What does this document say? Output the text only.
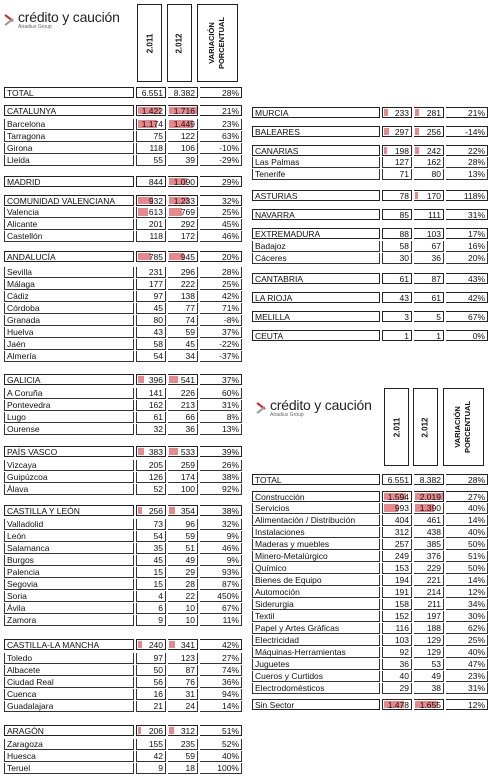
crédito y caución
Atradius Group
2.011	2.012	VARIACIÓN PORCENTUAL
crédito y caución
Atradius Group
2.011	2.012	VARIACIÓN PORCENTUAL
TOTAL	6.551	8.382	28%
CATALUNYA	1.422	1.716	21%
Barcelona	1.174	1.449	23%
Tarragona	75	122	63%
Girona	118	106	-10%
Lleida	55	39	-29%
MADRID	844	1.090	29%
COMUNIDAD VALENCIANA	932	1.233	32%
Valencia	613	769	25%
Alicante	201	292	45%
Castellón	118	172	46%
ANDALUCÍA	785	945	20%
Sevilla	231	296	28%
Málaga	177	222	25%
Cádiz	97	138	42%
Córdoba	45	77	71%
Granada	80	74	-8%
Huelva	43	59	37%
Jaén	58	45	-22%
Almería	54	34	-37%
GALICIA	396	541	37%
A Coruña	141	226	60%
Pontevedra	162	213	31%
Lugo	61	66	8%
Ourense	32	36	13%
PAÍS VASCO	383	533	39%
Vizcaya	205	259	26%
Guipúzcoa	126	174	38%
Álava	52	100	92%
CASTILLA Y LEÓN	256	354	38%
Valladolid	73	96	32%
León	54	59	9%
Salamanca	35	51	46%
Burgos	45	49	9%
Palencia	15	29	93%
Segovia	15	28	87%
Soria	4	22	450%
Ávila	6	10	67%
Zamora	9	10	11%
CASTILLA-LA MANCHA	240	341	42%
Toledo	97	123	27%
Albacete	50	87	74%
Ciudad Real	56	76	36%
Cuenca	16	31	94%
Guadalajara	21	24	14%
ARAGÓN	206	312	51%
Zaragoza	155	235	52%
Huesca	42	59	40%
Teruel	9	18	100%
MURCIA	233	281	21%
BALEARES	297	256	-14%
CANARIAS	198	242	22%
Las Palmas	127	162	28%
Tenerife	71	80	13%
ASTURIAS	78	170	118%
NAVARRA	85	111	31%
EXTREMADURA	88	103	17%
Badajoz	58	67	16%
Cáceres	30	36	20%
CANTABRIA	61	87	43%
LA RIOJA	43	61	42%
MELILLA	3	5	67%
CEUTA	1	1	0%
TOTAL	6.551	8.382	28%
Construcción	1.594	2.019	27%
Servicios	993	1.390	40%
Alimentación / Distribución	404	461	14%
Instalaciones	312	438	40%
Maderas y muebles	257	385	50%
Minero-Metalúrgico	249	376	51%
Químico	153	229	50%
Bienes de Equipo	194	221	14%
Automoción	191	214	12%
Siderurgia	158	211	34%
Textil	152	197	30%
Papel y Artes Gráficas	116	188	62%
Electricidad	103	129	25%
Máquinas-Herramientas	92	129	40%
Juguetes	36	53	47%
Cueros y Curtidos	40	49	23%
Electrodomésticos	29	38	31%
Sin Sector	1.478	1.655	12%
